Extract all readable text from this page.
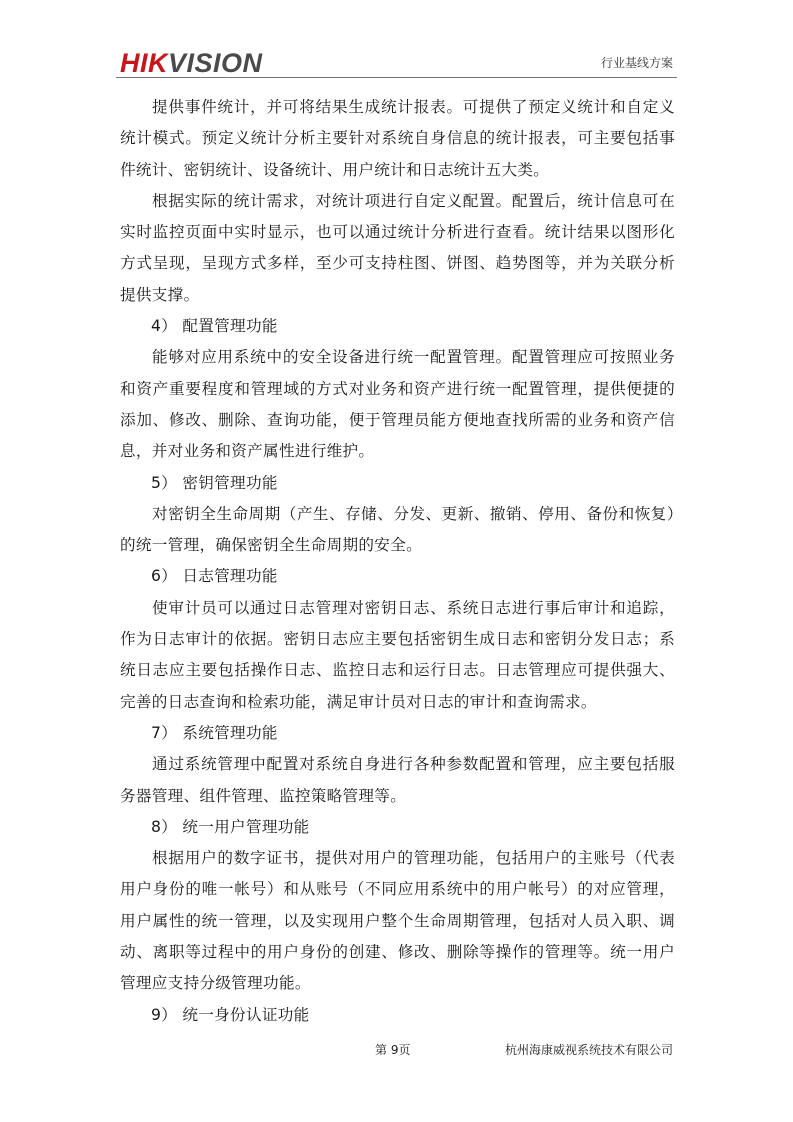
HIKVISION	行业基线方案

提供事件统计，并可将结果生成统计报表。可提供了预定义统计和自定义统计模式。预定义统计分析主要针对系统自身信息的统计报表，可主要包括事件统计、密钥统计、设备统计、用户统计和日志统计五大类。

根据实际的统计需求，对统计项进行自定义配置。配置后，统计信息可在实时监控页面中实时显示，也可以通过统计分析进行查看。统计结果以图形化方式呈现，呈现方式多样，至少可支持柱图、饼图、趋势图等，并为关联分析提供支撑。

4） 配置管理功能

能够对应用系统中的安全设备进行统一配置管理。配置管理应可按照业务和资产重要程度和管理域的方式对业务和资产进行统一配置管理，提供便捷的添加、修改、删除、查询功能，便于管理员能方便地查找所需的业务和资产信息，并对业务和资产属性进行维护。

5） 密钥管理功能

对密钥全生命周期（产生、存储、分发、更新、撤销、停用、备份和恢复）的统一管理，确保密钥全生命周期的安全。

6） 日志管理功能

使审计员可以通过日志管理对密钥日志、系统日志进行事后审计和追踪，作为日志审计的依据。密钥日志应主要包括密钥生成日志和密钥分发日志；系统日志应主要包括操作日志、监控日志和运行日志。日志管理应可提供强大、完善的日志查询和检索功能，满足审计员对日志的审计和查询需求。

7） 系统管理功能

通过系统管理中配置对系统自身进行各种参数配置和管理，应主要包括服务器管理、组件管理、监控策略管理等。

8） 统一用户管理功能

根据用户的数字证书，提供对用户的管理功能，包括用户的主账号（代表用户身份的唯一帐号）和从账号（不同应用系统中的用户帐号）的对应管理，用户属性的统一管理，以及实现用户整个生命周期管理，包括对人员入职、调动、离职等过程中的用户身份的创建、修改、删除等操作的管理等。统一用户管理应支持分级管理功能。

9） 统一身份认证功能
第 9页	杭州海康威视系统技术有限公司
